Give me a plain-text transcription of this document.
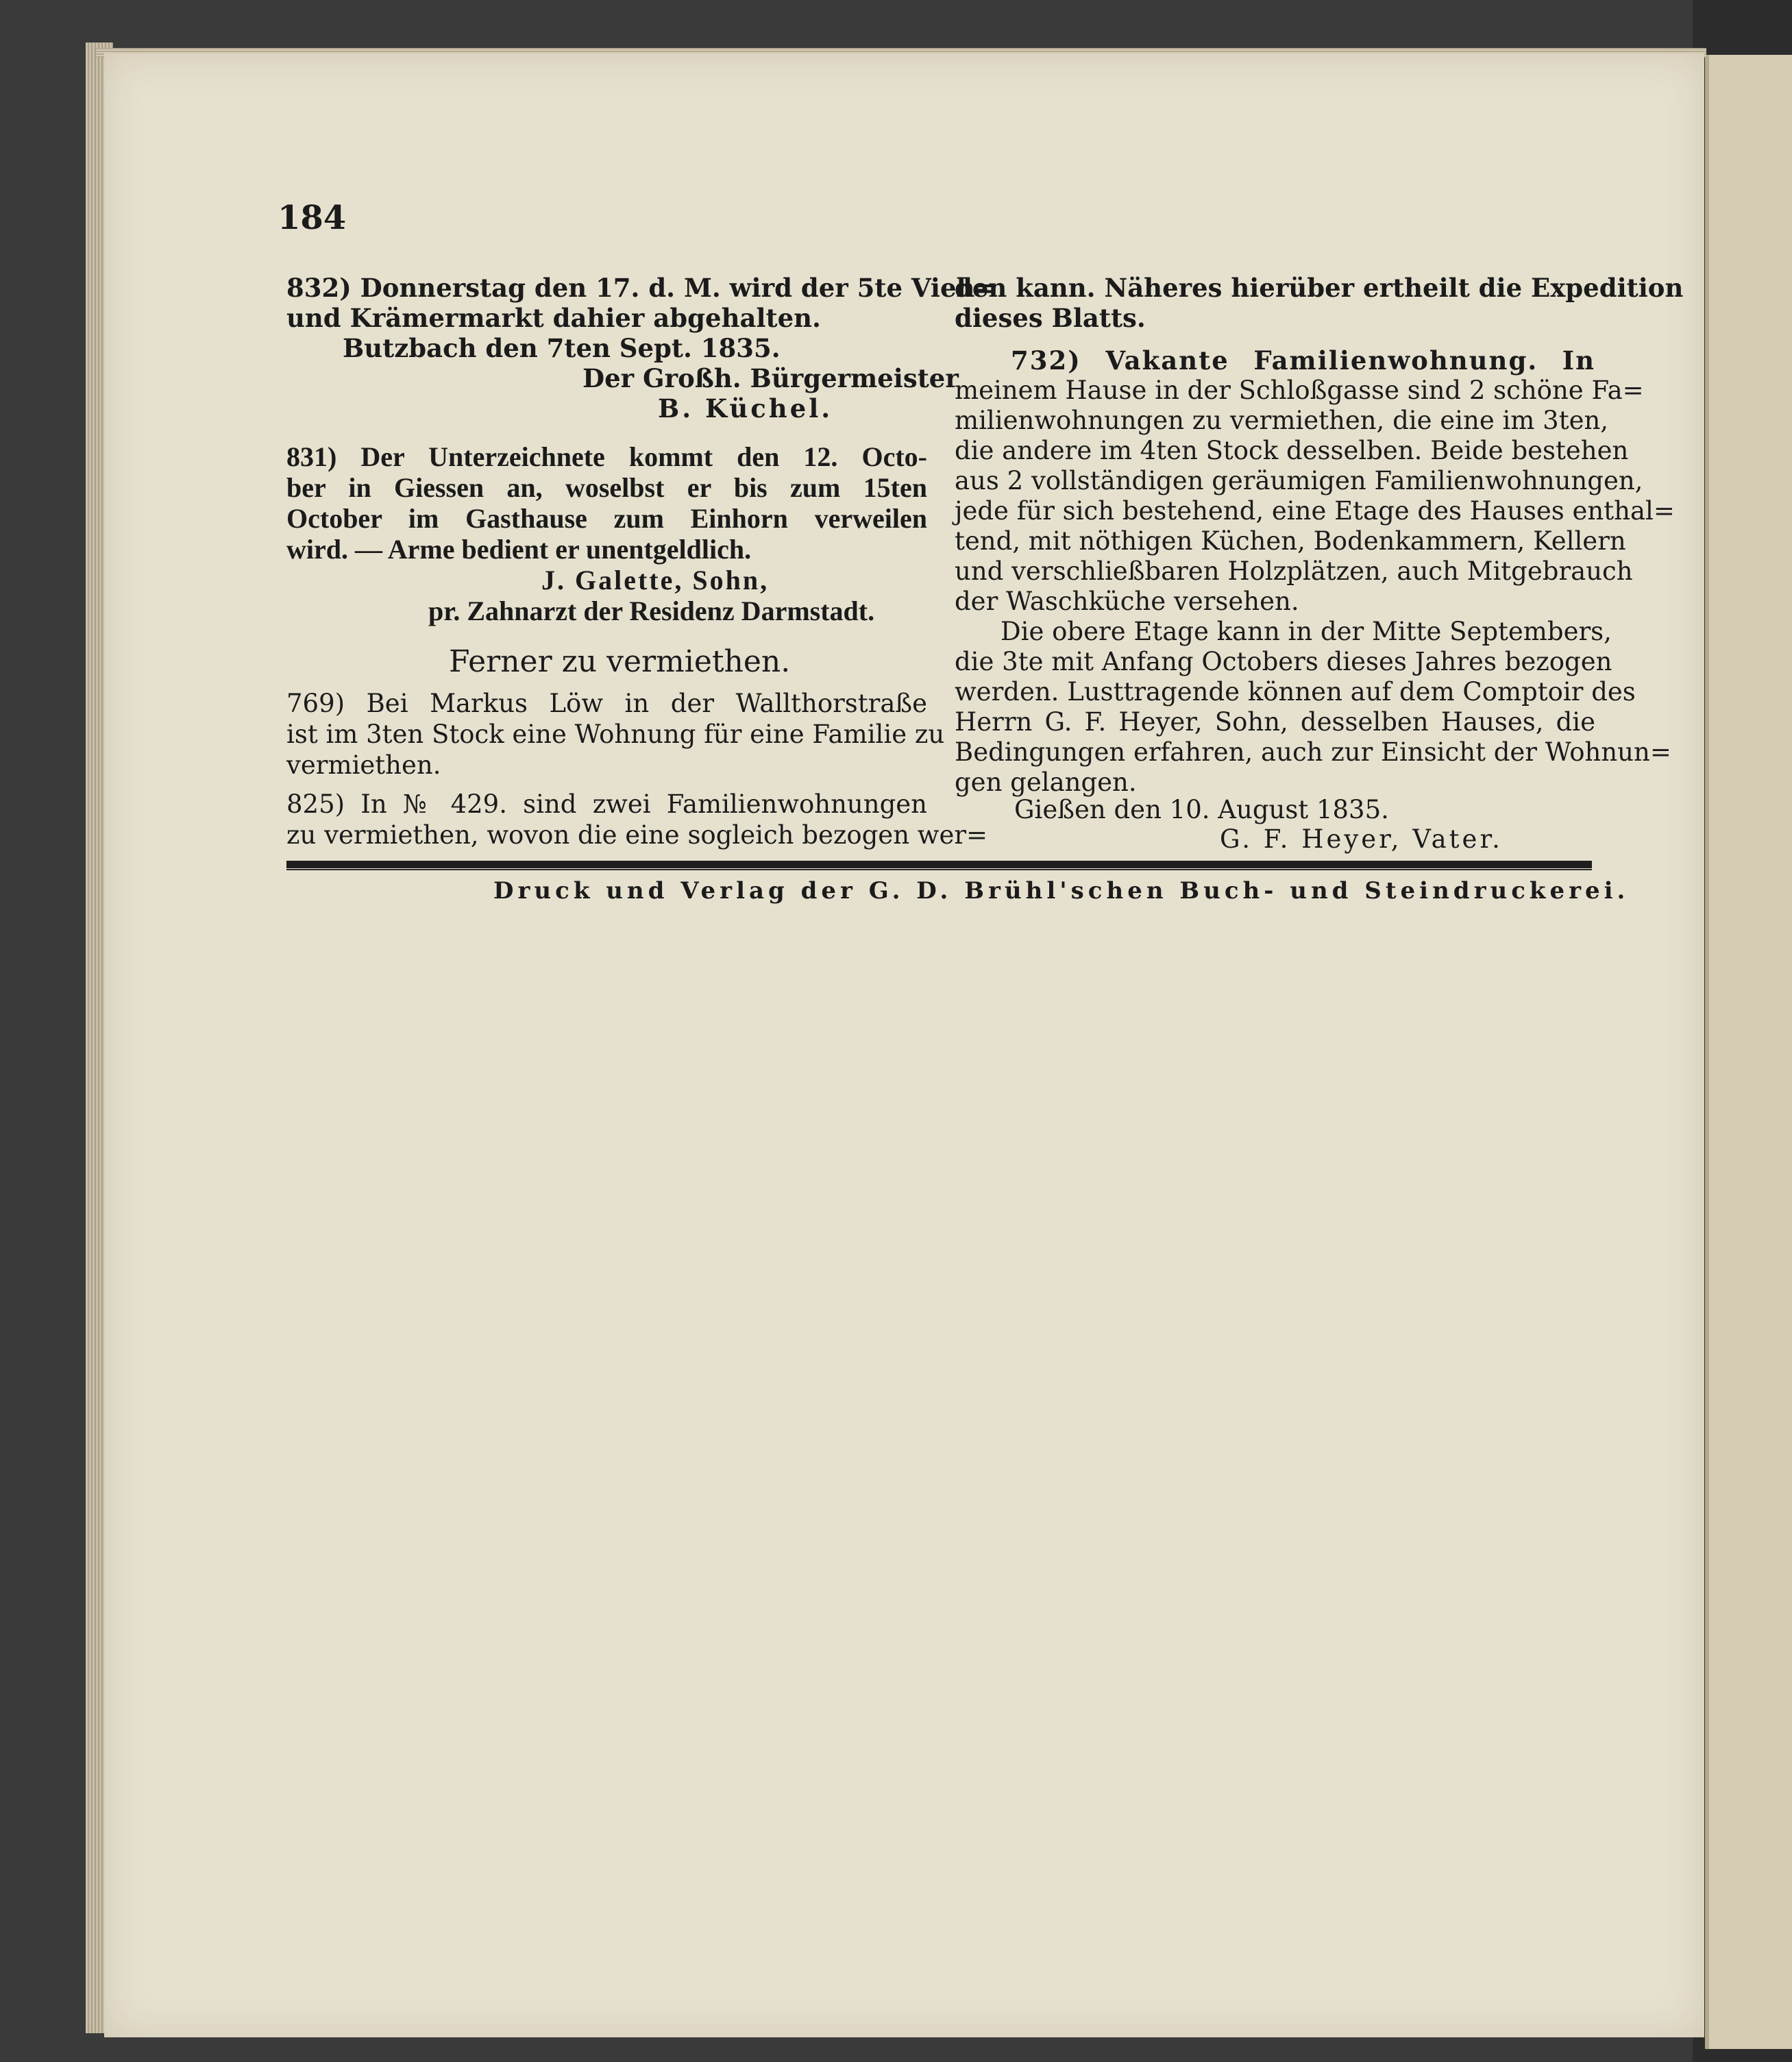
184
832) Donnerstag den 17. d. M. wird der 5te Vieh=
und Krämermarkt dahier abgehalten.
Butzbach den 7ten Sept. 1835.
Der Großh. Bürgermeister
B. Küchel.
831) Der Unterzeichnete kommt den 12. Octo-
ber in Giessen an, woselbst er bis zum 15ten
October im Gasthause zum Einhorn verweilen
wird. — Arme bedient er unentgeldlich.
J. Galette, Sohn,
pr. Zahnarzt der Residenz Darmstadt.
Ferner zu vermiethen.
769) Bei Markus Löw in der Wallthorstraße
ist im 3ten Stock eine Wohnung für eine Familie zu
vermiethen.
825) In № 429. sind zwei Familienwohnungen
zu vermiethen, wovon die eine sogleich bezogen wer=
den kann. Näheres hierüber ertheilt die Expedition
dieses Blatts.
732) Vakante Familienwohnung. In
meinem Hause in der Schloßgasse sind 2 schöne Fa=
milienwohnungen zu vermiethen, die eine im 3ten,
die andere im 4ten Stock desselben. Beide bestehen
aus 2 vollständigen geräumigen Familienwohnungen,
jede für sich bestehend, eine Etage des Hauses enthal=
tend, mit nöthigen Küchen, Bodenkammern, Kellern
und verschließbaren Holzplätzen, auch Mitgebrauch
der Waschküche versehen.
Die obere Etage kann in der Mitte Septembers,
die 3te mit Anfang Octobers dieses Jahres bezogen
werden. Lusttragende können auf dem Comptoir des
Herrn G. F. Heyer, Sohn, desselben Hauses, die
Bedingungen erfahren, auch zur Einsicht der Wohnun=
gen gelangen.
Gießen den 10. August 1835.
G. F. Heyer, Vater.
Druck und Verlag der G. D. Brühl'schen Buch- und Steindruckerei.
